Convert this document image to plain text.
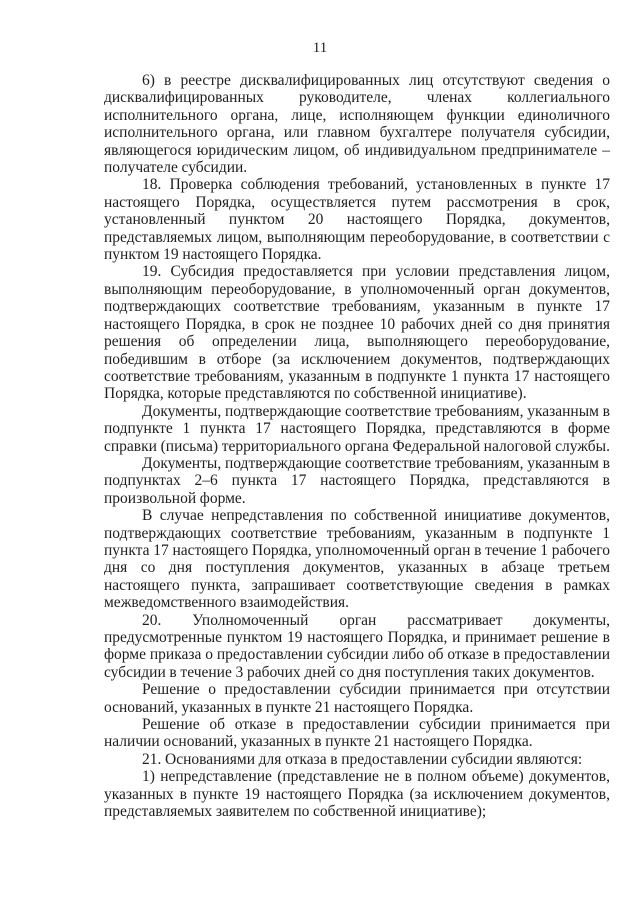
11

6) в реестре дисквалифицированных лиц отсутствуют сведения о дисквалифицированных руководителе, членах коллегиального исполнительного органа, лице, исполняющем функции единоличного исполнительного органа, или главном бухгалтере получателя субсидии, являющегося юридическим лицом, об индивидуальном предпринимателе – получателе субсидии.

18. Проверка соблюдения требований, установленных в пункте 17 настоящего Порядка, осуществляется путем рассмотрения в срок, установленный пунктом 20 настоящего Порядка, документов, представляемых лицом, выполняющим переоборудование, в соответствии с пунктом 19 настоящего Порядка.

19. Субсидия предоставляется при условии представления лицом, выполняющим переоборудование, в уполномоченный орган документов, подтверждающих соответствие требованиям, указанным в пункте 17 настоящего Порядка, в срок не позднее 10 рабочих дней со дня принятия решения об определении лица, выполняющего переоборудование, победившим в отборе (за исключением документов, подтверждающих соответствие требованиям, указанным в подпункте 1 пункта 17 настоящего Порядка, которые представляются по собственной инициативе).

Документы, подтверждающие соответствие требованиям, указанным в подпункте 1 пункта 17 настоящего Порядка, представляются в форме справки (письма) территориального органа Федеральной налоговой службы.

Документы, подтверждающие соответствие требованиям, указанным в подпунктах 2–6 пункта 17 настоящего Порядка, представляются в произвольной форме.

В случае непредставления по собственной инициативе документов, подтверждающих соответствие требованиям, указанным в подпункте 1 пункта 17 настоящего Порядка, уполномоченный орган в течение 1 рабочего дня со дня поступления документов, указанных в абзаце третьем настоящего пункта, запрашивает соответствующие сведения в рамках межведомственного взаимодействия.

20. Уполномоченный орган рассматривает документы, предусмотренные пунктом 19 настоящего Порядка, и принимает решение в форме приказа о предоставлении субсидии либо об отказе в предоставлении субсидии в течение 3 рабочих дней со дня поступления таких документов.

Решение о предоставлении субсидии принимается при отсутствии оснований, указанных в пункте 21 настоящего Порядка.

Решение об отказе в предоставлении субсидии принимается при наличии оснований, указанных в пункте 21 настоящего Порядка.

21. Основаниями для отказа в предоставлении субсидии являются:

1) непредставление (представление не в полном объеме) документов, указанных в пункте 19 настоящего Порядка (за исключением документов, представляемых заявителем по собственной инициативе);
